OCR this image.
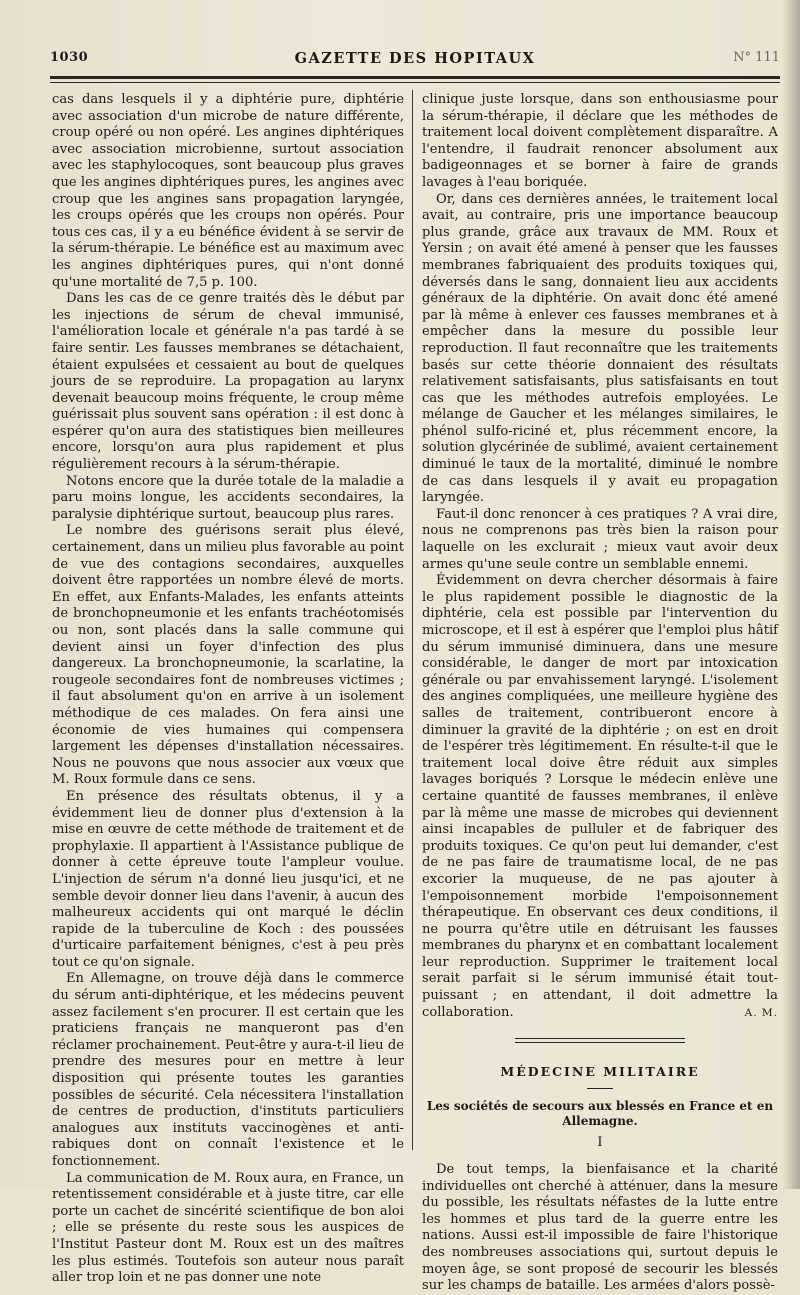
1030	GAZETTE DES HOPITAUX	N° 111

cas dans lesquels il y a diphtérie pure, diphtérie avec association d'un microbe de nature différente, croup opéré ou non opéré. Les angines diphtériques avec association microbienne, surtout association avec les staphylocoques, sont beaucoup plus graves que les angines diphtériques pures, les angines avec croup que les angines sans propagation laryngée, les croups opérés que les croups non opérés. Pour tous ces cas, il y a eu bénéfice évident à se servir de la sérum-thérapie. Le bénéfice est au maximum avec les angines diphtériques pures, qui n'ont donné qu'une mortalité de 7,5 p. 100.

Dans les cas de ce genre traités dès le début par les injections de sérum de cheval immunisé, l'amélioration locale et générale n'a pas tardé à se faire sentir. Les fausses membranes se détachaient, étaient expulsées et cessaient au bout de quelques jours de se reproduire. La propagation au larynx devenait beaucoup moins fréquente, le croup même guérissait plus souvent sans opération : il est donc à espérer qu'on aura des statistiques bien meilleures encore, lorsqu'on aura plus rapidement et plus régulièrement recours à la sérum-thérapie.

Notons encore que la durée totale de la maladie a paru moins longue, les accidents secondaires, la paralysie diphtérique surtout, beaucoup plus rares.

Le nombre des guérisons serait plus élevé, certainement, dans un milieu plus favorable au point de vue des contagions secondaires, auxquelles doivent être rapportées un nombre élevé de morts. En effet, aux Enfants-Malades, les enfants atteints de bronchopneumonie et les enfants trachéotomisés ou non, sont placés dans la salle commune qui devient ainsi un foyer d'infection des plus dangereux. La bronchopneumonie, la scarlatine, la rougeole secondaires font de nombreuses victimes ; il faut absolument qu'on en arrive à un isolement méthodique de ces malades. On fera ainsi une économie de vies humaines qui compensera largement les dépenses d'installation nécessaires. Nous ne pouvons que nous associer aux vœux que M. Roux formule dans ce sens.

En présence des résultats obtenus, il y a évidemment lieu de donner plus d'extension à la mise en œuvre de cette méthode de traitement et de prophylaxie. Il appartient à l'Assistance publique de donner à cette épreuve toute l'ampleur voulue. L'injection de sérum n'a donné lieu jusqu'ici, et ne semble devoir donner lieu dans l'avenir, à aucun des malheureux accidents qui ont marqué le déclin rapide de la tuberculine de Koch : des poussées d'urticaire parfaitement bénignes, c'est à peu près tout ce qu'on signale.

En Allemagne, on trouve déjà dans le commerce du sérum anti-diphtérique, et les médecins peuvent assez facilement s'en procurer. Il est certain que les praticiens français ne manqueront pas d'en réclamer prochainement. Peut-être y aura-t-il lieu de prendre des mesures pour en mettre à leur disposition qui présente toutes les garanties possibles de sécurité. Cela nécessitera l'installation de centres de production, d'instituts particuliers analogues aux instituts vaccinogènes et anti-rabiques dont on connaît l'existence et le fonctionnement.

La communication de M. Roux aura, en France, un retentissement considérable et à juste titre, car elle porte un cachet de sincérité scientifique de bon aloi ; elle se présente du reste sous les auspices de l'Institut Pasteur dont M. Roux est un des maîtres les plus estimés. Toutefois son auteur nous paraît aller trop loin et ne pas donner une note

clinique juste lorsque, dans son enthousiasme pour la sérum-thérapie, il déclare que les méthodes de traitement local doivent complètement disparaître. A l'entendre, il faudrait renoncer absolument aux badigeonnages et se borner à faire de grands lavages à l'eau boriquée.

Or, dans ces dernières années, le traitement local avait, au contraire, pris une importance beaucoup plus grande, grâce aux travaux de MM. Roux et Yersin ; on avait été amené à penser que les fausses membranes fabriquaient des produits toxiques qui, déversés dans le sang, donnaient lieu aux accidents généraux de la diphtérie. On avait donc été amené par là même à enlever ces fausses membranes et à empêcher dans la mesure du possible leur reproduction. Il faut reconnaître que les traitements basés sur cette théorie donnaient des résultats relativement satisfaisants, plus satisfaisants en tout cas que les méthodes autrefois employées. Le mélange de Gaucher et les mélanges similaires, le phénol sulfo-riciné et, plus récemment encore, la solution glycérinée de sublimé, avaient certainement diminué le taux de la mortalité, diminué le nombre de cas dans lesquels il y avait eu propagation laryngée.

Faut-il donc renoncer à ces pratiques ? A vrai dire, nous ne comprenons pas très bien la raison pour laquelle on les exclurait ; mieux vaut avoir deux armes qu'une seule contre un semblable ennemi.

Évidemment on devra chercher désormais à faire le plus rapidement possible le diagnostic de la diphtérie, cela est possible par l'intervention du microscope, et il est à espérer que l'emploi plus hâtif du sérum immunisé diminuera, dans une mesure considérable, le danger de mort par intoxication générale ou par envahissement laryngé. L'isolement des angines compliquées, une meilleure hygiène des salles de traitement, contribueront encore à diminuer la gravité de la diphtérie ; on est en droit de l'espérer très légitimement. En résulte-t-il que le traitement local doive être réduit aux simples lavages boriqués ? Lorsque le médecin enlève une certaine quantité de fausses membranes, il enlève par là même une masse de microbes qui deviennent ainsi incapables de pulluler et de fabriquer des produits toxiques. Ce qu'on peut lui demander, c'est de ne pas faire de traumatisme local, de ne pas excorier la muqueuse, de ne pas ajouter à l'empoisonnement morbide l'empoisonnement thérapeutique. En observant ces deux conditions, il ne pourra qu'être utile en détruisant les fausses membranes du pharynx et en combattant localement leur reproduction. Supprimer le traitement local serait parfait si le sérum immunisé était tout-puissant ; en attendant, il doit admettre la collaboration.	A. M.

MÉDECINE MILITAIRE
Les sociétés de secours aux blessés en France et en Allemagne.
I

De tout temps, la bienfaisance et la charité individuelles ont cherché à atténuer, dans la mesure du possible, les résultats néfastes de la lutte entre les hommes et plus tard de la guerre entre les nations. Aussi est-il impossible de faire l'historique des nombreuses associations qui, surtout depuis le moyen âge, se sont proposé de secourir les blessés sur les champs de bataille. Les armées d'alors possè-
